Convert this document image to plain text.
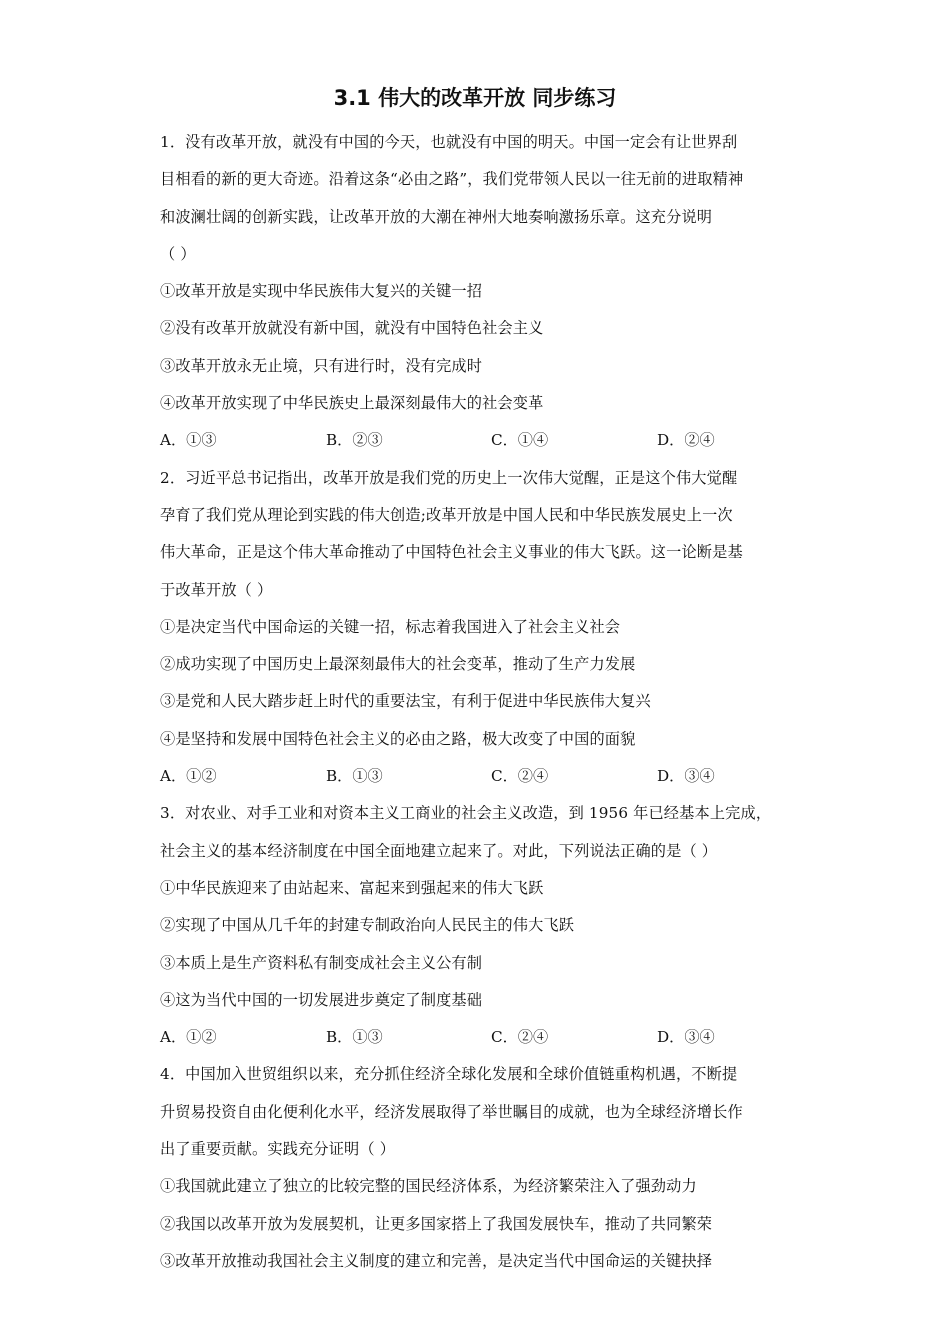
3.1 伟大的改革开放 同步练习
1．没有改革开放，就没有中国的今天，也就没有中国的明天。中国一定会有让世界刮
目相看的新的更大奇迹。沿着这条“必由之路”，我们党带领人民以一往无前的进取精神
和波澜壮阔的创新实践，让改革开放的大潮在神州大地奏响激扬乐章。这充分说明
（ ）
①改革开放是实现中华民族伟大复兴的关键一招
②没有改革开放就没有新中国，就没有中国特色社会主义
③改革开放永无止境，只有进行时，没有完成时
④改革开放实现了中华民族史上最深刻最伟大的社会变革
A．①③	B．②③	C．①④	D．②④
2．习近平总书记指出，改革开放是我们党的历史上一次伟大觉醒，正是这个伟大觉醒
孕育了我们党从理论到实践的伟大创造;改革开放是中国人民和中华民族发展史上一次
伟大革命，正是这个伟大革命推动了中国特色社会主义事业的伟大飞跃。这一论断是基
于改革开放（ ）
①是决定当代中国命运的关键一招，标志着我国进入了社会主义社会
②成功实现了中国历史上最深刻最伟大的社会变革，推动了生产力发展
③是党和人民大踏步赶上时代的重要法宝，有利于促进中华民族伟大复兴
④是坚持和发展中国特色社会主义的必由之路，极大改变了中国的面貌
A．①②	B．①③	C．②④	D．③④
3．对农业、对手工业和对资本主义工商业的社会主义改造，到 1956 年已经基本上完成，
社会主义的基本经济制度在中国全面地建立起来了。对此，下列说法正确的是（ ）
①中华民族迎来了由站起来、富起来到强起来的伟大飞跃
②实现了中国从几千年的封建专制政治向人民民主的伟大飞跃
③本质上是生产资料私有制变成社会主义公有制
④这为当代中国的一切发展进步奠定了制度基础
A．①②	B．①③	C．②④	D．③④
4．中国加入世贸组织以来，充分抓住经济全球化发展和全球价值链重构机遇，不断提
升贸易投资自由化便利化水平，经济发展取得了举世瞩目的成就，也为全球经济增长作
出了重要贡献。实践充分证明（ ）
①我国就此建立了独立的比较完整的国民经济体系，为经济繁荣注入了强劲动力
②我国以改革开放为发展契机，让更多国家搭上了我国发展快车，推动了共同繁荣
③改革开放推动我国社会主义制度的建立和完善，是决定当代中国命运的关键抉择
